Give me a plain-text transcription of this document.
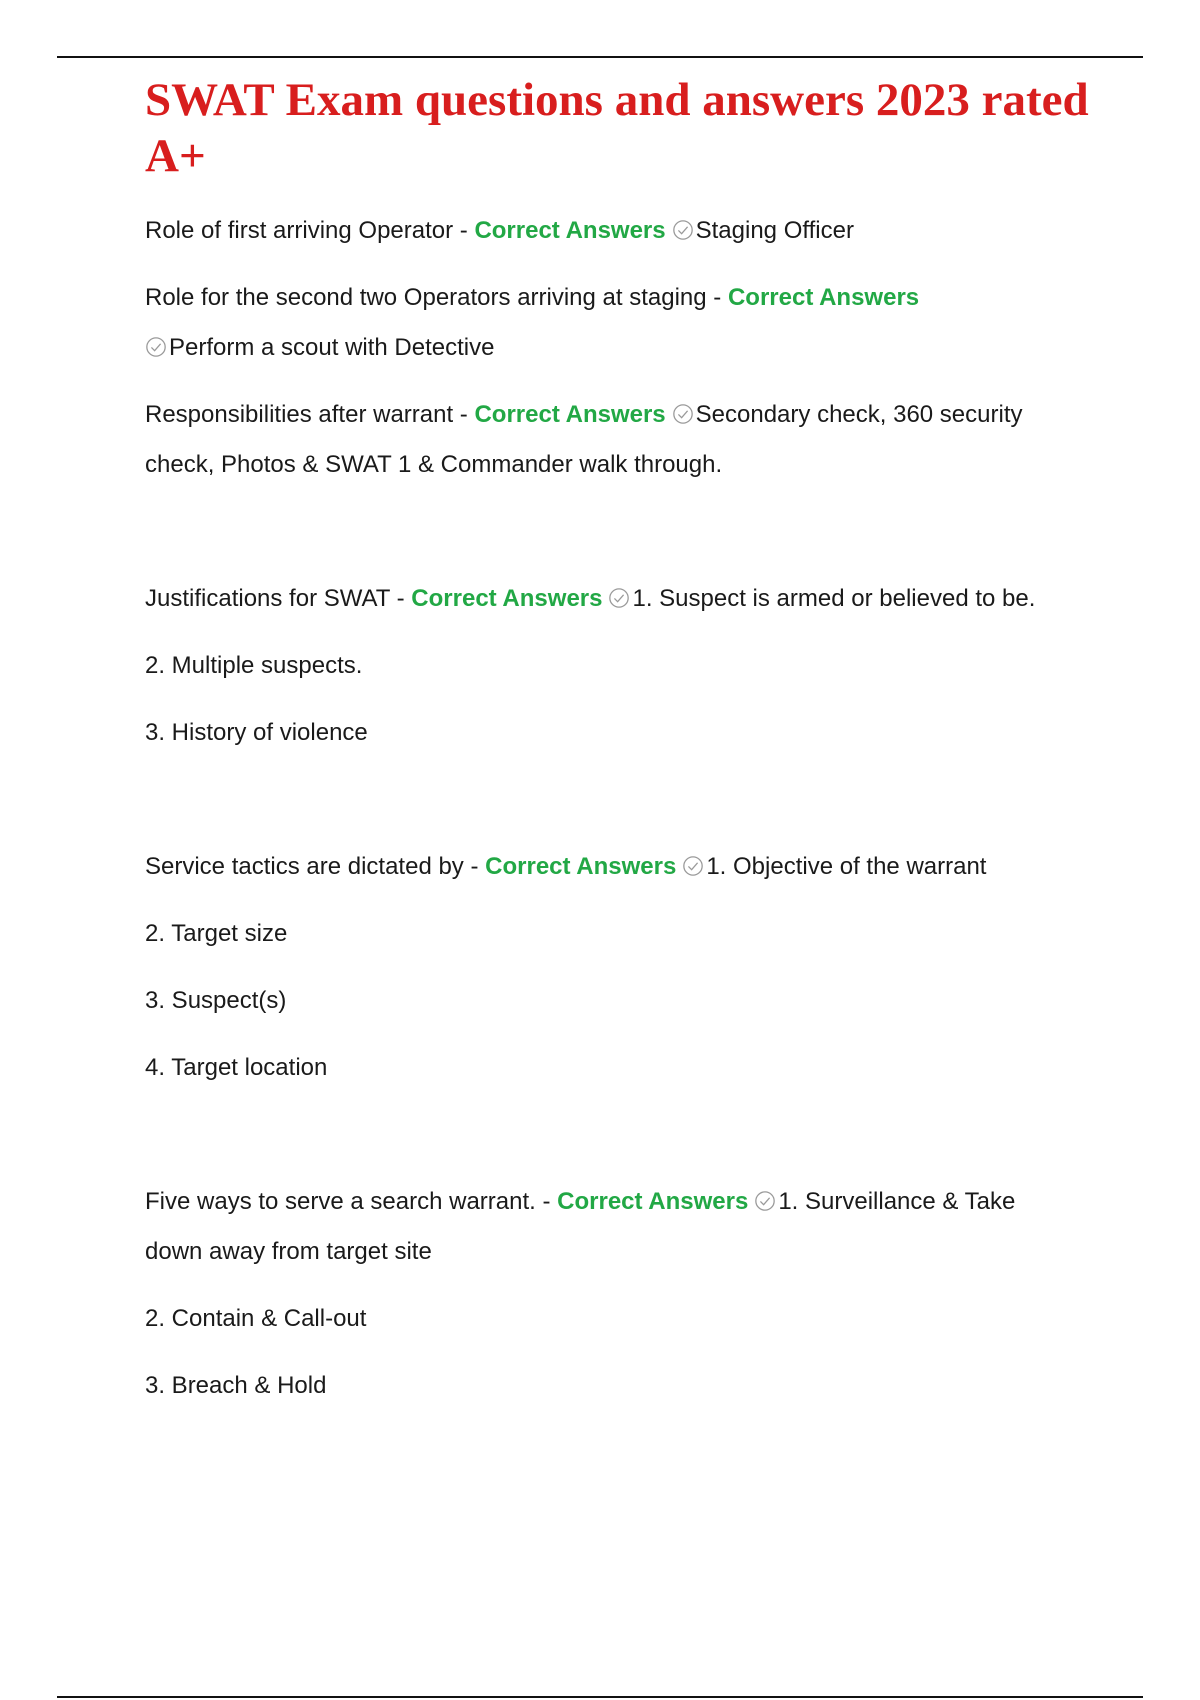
SWAT Exam questions and answers 2023 rated A+

Role of first arriving Operator - Correct Answers Staging Officer

Role for the second two Operators arriving at staging - Correct Answers

Perform a scout with Detective

Responsibilities after warrant - Correct Answers Secondary check, 360 security

check, Photos & SWAT 1 & Commander walk through.

Justifications for SWAT - Correct Answers 1. Suspect is armed or believed to be.

2. Multiple suspects.

3. History of violence

Service tactics are dictated by - Correct Answers 1. Objective of the warrant

2. Target size

3. Suspect(s)

4. Target location

Five ways to serve a search warrant. - Correct Answers 1. Surveillance & Take

down away from target site

2. Contain & Call-out

3. Breach & Hold
